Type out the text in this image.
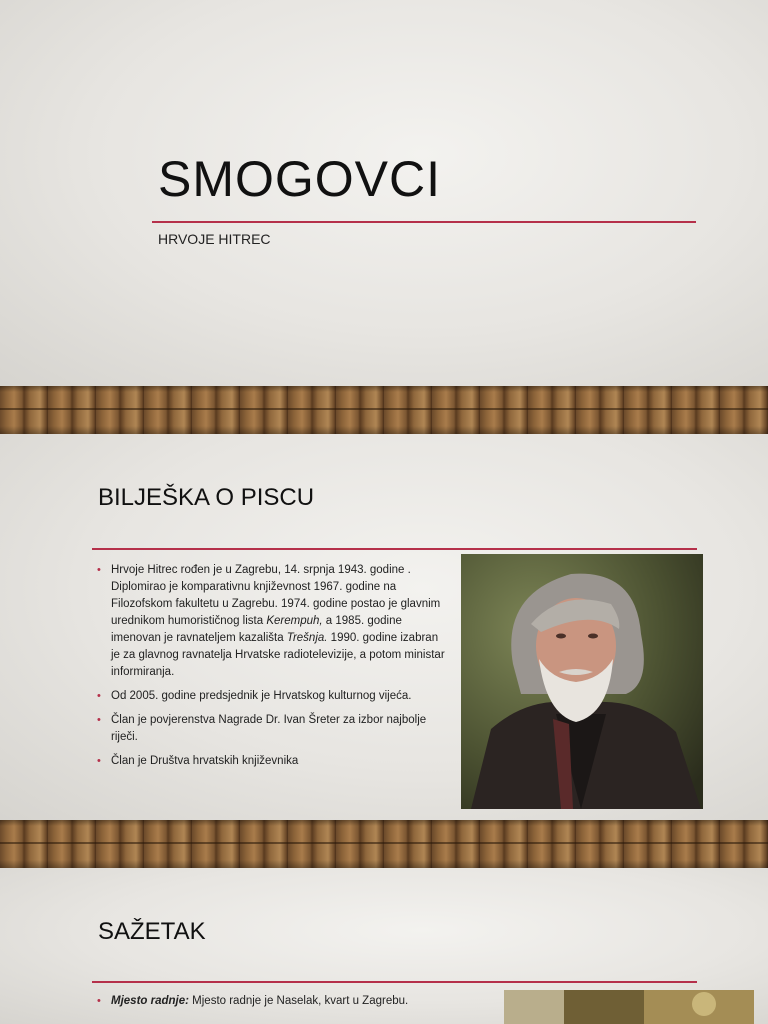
SMOGOVCI
HRVOJE HITREC
BILJEŠKA O PISCU
• Hrvoje Hitrec rođen je u Zagrebu, 14. srpnja 1943. godine . Diplomirao je komparativnu književnost 1967. godine na Filozofskom fakultetu u Zagrebu. 1974. godine postao je glavnim urednikom humorističnog lista Kerempuh, a 1985. godine imenovan je ravnateljem kazališta Trešnja. 1990. godine izabran je za glavnog ravnatelja Hrvatske radiotelevizije, a potom ministar informiranja.
• Od 2005. godine predsjednik je Hrvatskog kulturnog vijeća.
• Član je povjerenstva Nagrade Dr. Ivan Šreter za izbor najbolje riječi.
• Član je Društva hrvatskih književnika
SAŽETAK
• Mjesto radnje: Mjesto radnje je Naselak, kvart u Zagrebu.
